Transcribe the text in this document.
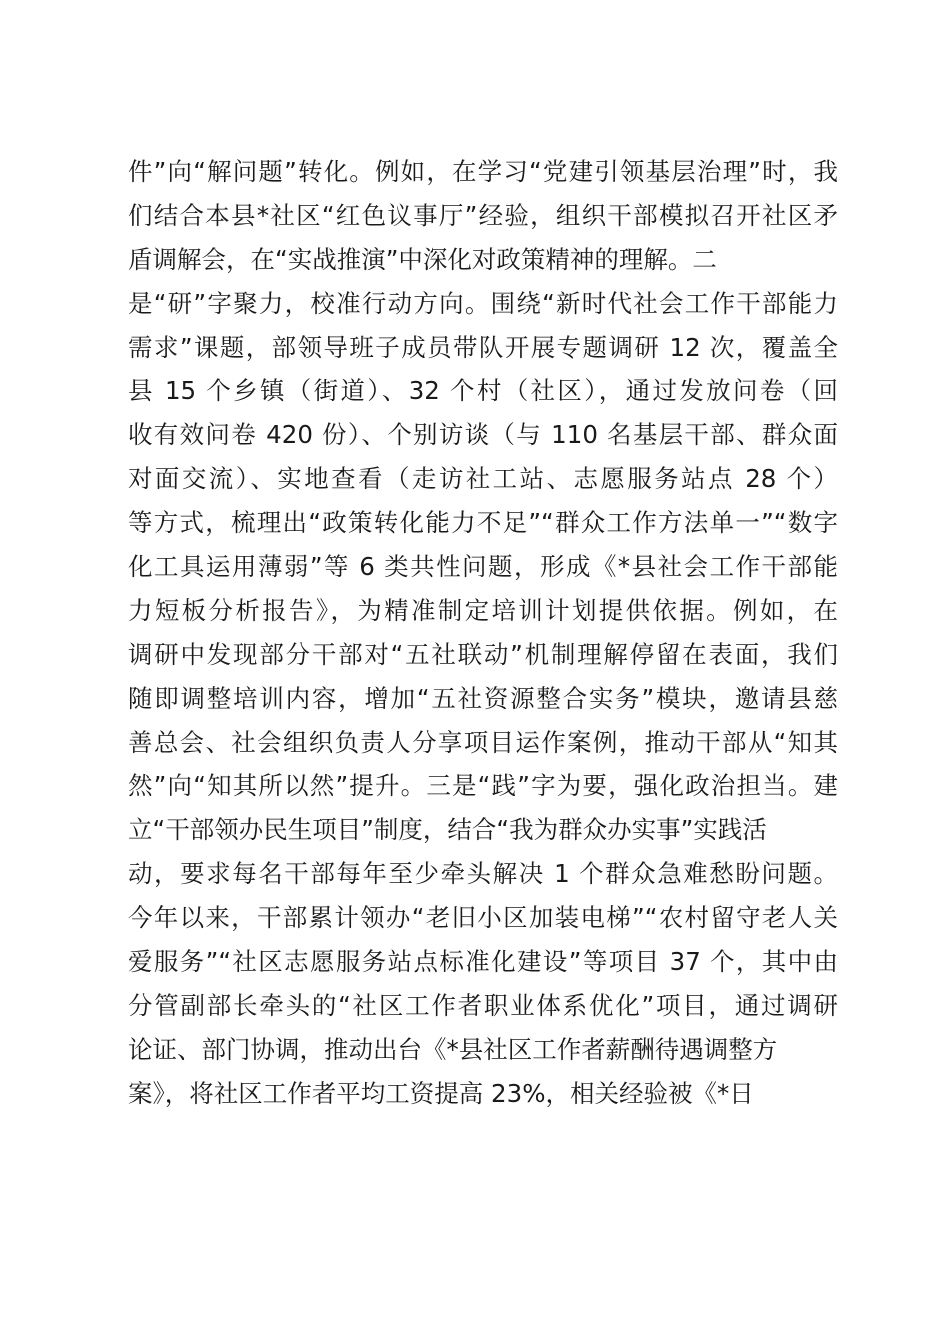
件”向“解问题”转化。例如，在学习“党建引领基层治理”时，我
们结合本县*社区“红色议事厅”经验，组织干部模拟召开社区矛
盾调解会，在“实战推演”中深化对政策精神的理解。二
是“研”字聚力，校准行动方向。围绕“新时代社会工作干部能力
需求”课题，部领导班子成员带队开展专题调研 12 次，覆盖全
县 15 个乡镇（街道）、32 个村（社区），通过发放问卷（回
收有效问卷 420 份）、个别访谈（与 110 名基层干部、群众面
对面交流）、实地查看（走访社工站、志愿服务站点 28 个）
等方式，梳理出“政策转化能力不足”“群众工作方法单一”“数字
化工具运用薄弱”等 6 类共性问题，形成《*县社会工作干部能
力短板分析报告》，为精准制定培训计划提供依据。例如，在
调研中发现部分干部对“五社联动”机制理解停留在表面，我们
随即调整培训内容，增加“五社资源整合实务”模块，邀请县慈
善总会、社会组织负责人分享项目运作案例，推动干部从“知其
然”向“知其所以然”提升。三是“践”字为要，强化政治担当。建
立“干部领办民生项目”制度，结合“我为群众办实事”实践活
动，要求每名干部每年至少牵头解决 1 个群众急难愁盼问题。
今年以来，干部累计领办“老旧小区加装电梯”“农村留守老人关
爱服务”“社区志愿服务站点标准化建设”等项目 37 个，其中由
分管副部长牵头的“社区工作者职业体系优化”项目，通过调研
论证、部门协调，推动出台《*县社区工作者薪酬待遇调整方
案》，将社区工作者平均工资提高 23%，相关经验被《*日
